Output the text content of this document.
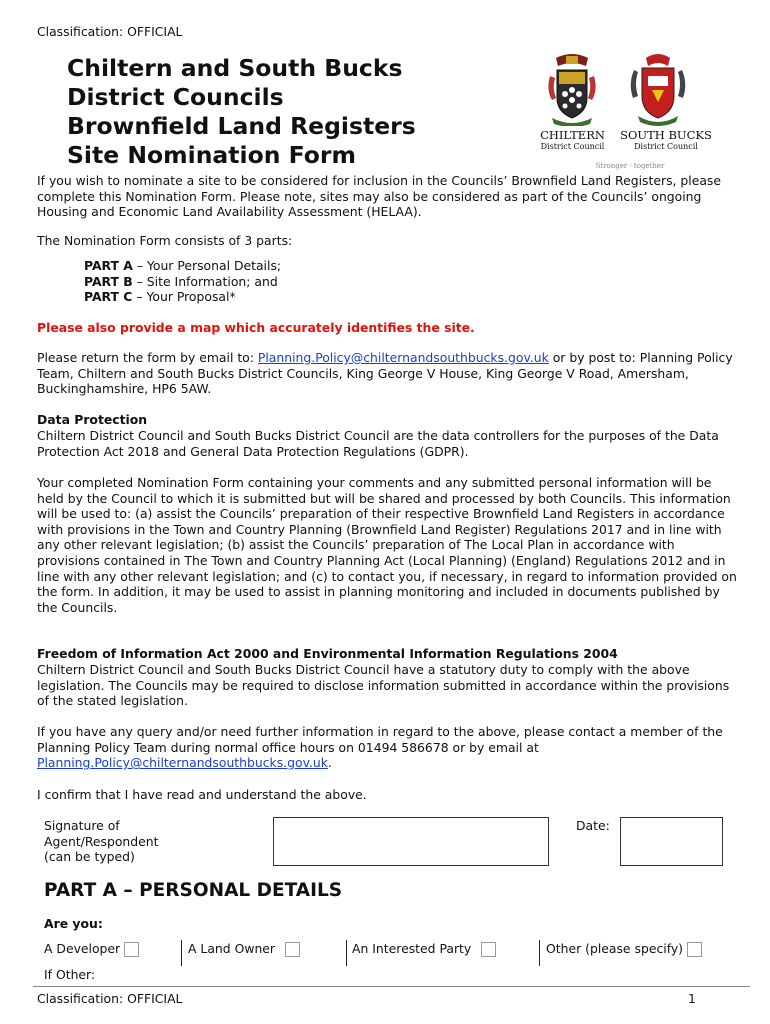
Classification: OFFICIAL
Chiltern and South Bucks
District Councils
Brownfield Land Registers
Site Nomination Form
CHILTERN
District Council
SOUTH BUCKS
District Council
Stronger · together

If you wish to nominate a site to be considered for inclusion in the Councils’ Brownfield Land Registers, please complete this Nomination Form. Please note, sites may also be considered as part of the Councils’ ongoing Housing and Economic Land Availability Assessment (HELAA).

The Nomination Form consists of 3 parts:

PART A – Your Personal Details;
PART B – Site Information; and
PART C – Your Proposal*

Please also provide a map which accurately identifies the site.

Please return the form by email to: Planning.Policy@chilternandsouthbucks.gov.uk or by post to: Planning Policy Team, Chiltern and South Bucks District Councils, King George V House, King George V Road, Amersham, Buckinghamshire, HP6 5AW.

Data Protection

Chiltern District Council and South Bucks District Council are the data controllers for the purposes of the Data Protection Act 2018 and General Data Protection Regulations (GDPR).

Your completed Nomination Form containing your comments and any submitted personal information will be held by the Council to which it is submitted but will be shared and processed by both Councils. This information will be used to: (a) assist the Councils’ preparation of their respective Brownfield Land Registers in accordance with provisions in the Town and Country Planning (Brownfield Land Register) Regulations 2017 and in line with any other relevant legislation; (b) assist the Councils’ preparation of The Local Plan in accordance with provisions contained in The Town and Country Planning Act (Local Planning) (England) Regulations 2012 and in line with any other relevant legislation; and (c) to contact you, if necessary, in regard to information provided on the form. In addition, it may be used to assist in planning monitoring and included in documents published by the Councils.

Freedom of Information Act 2000 and Environmental Information Regulations 2004

Chiltern District Council and South Bucks District Council have a statutory duty to comply with the above legislation. The Councils may be required to disclose information submitted in accordance within the provisions of the stated legislation.

If you have any query and/or need further information in regard to the above, please contact a member of the Planning Policy Team during normal office hours on 01494 586678 or by email at Planning.Policy@chilternandsouthbucks.gov.uk.

I confirm that I have read and understand the above.

Signature of
Agent/Respondent
(can be typed)
Date:
PART A – PERSONAL DETAILS
Are you:
A Developer	A Land Owner	An Interested Party	Other (please specify)
If Other:
Classification: OFFICIAL	1
